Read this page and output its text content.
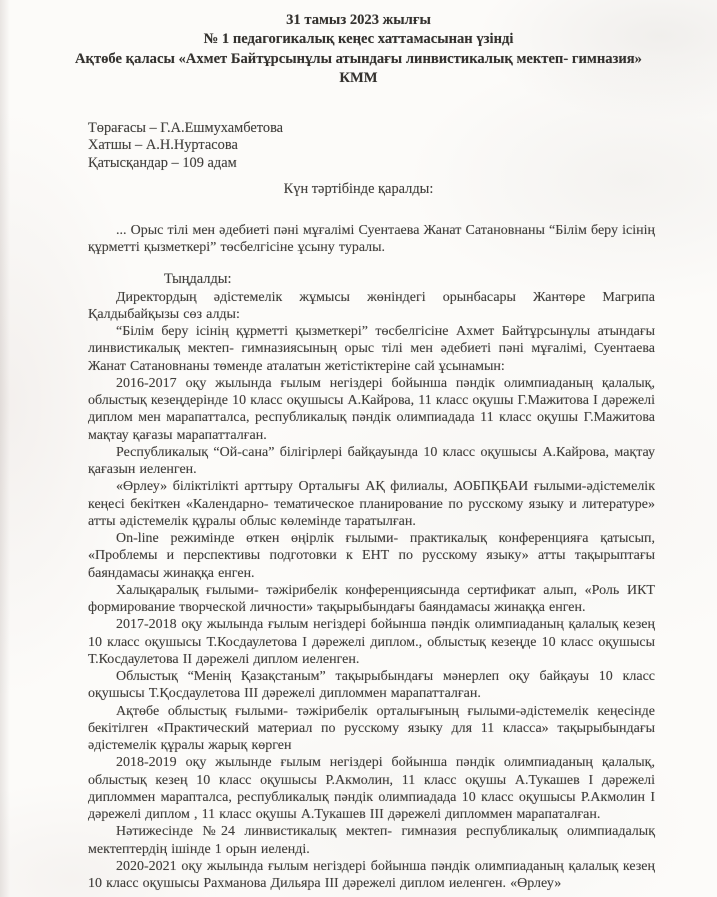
31 тамыз 2023 жылғы
№ 1 педагогикалық кеңес хаттамасынан үзінді
Ақтөбе қаласы «Ахмет Байтұрсынұлы атындағы линвистикалық мектеп- гимназия»
КММ
Төрағасы – Г.А.Ешмухамбетова
Хатшы – А.Н.Нуртасова
Қатысқандар – 109 адам
Күн тәртібінде қаралды:

... Орыс тілі мен әдебиеті пәні мұғалімі Суентаева Жанат Сатановнаны “Білім беру ісінің құрметті қызметкері” төсбелгісіне ұсыну туралы.

Тыңдалды:

Директордың әдістемелік жұмысы жөніндегі орынбасары Жантөре Магрипа Қалдыбайқызы сөз алды:

“Білім беру ісінің құрметті қызметкері” төсбелгісіне Ахмет Байтұрсынұлы атындағы линвистикалық мектеп- гимназиясының орыс тілі мен әдебиеті пәні мұғалімі, Суентаева Жанат Сатановнаны төменде аталатын жетістіктеріне сай ұсынамын:

2016-2017 оқу жылында ғылым негіздері бойынша пәндік олимпиаданың қалалық, облыстық кезеңдерінде 10 класс оқушысы А.Кайрова, 11 класс оқушы Г.Мажитова I дәрежелі диплом мен марапатталса, республикалық пәндік олимпиадада 11 класс оқушы Г.Мажитова мақтау қағазы марапатталған.

Республикалық “Ой-сана” білігірлері байқауында 10 класс оқушысы А.Кайрова, мақтау қағазын иеленген.

«Өрлеу» біліктілікті арттыру Орталығы АҚ филиалы, АОБПҚБАИ ғылыми-әдістемелік кеңесі бекіткен «Календарно- тематическое планирование по русскому языку и литературе» атты әдістемелік құралы облыс көлемінде таратылған.

On-line режимінде өткен өңірлік ғылыми- практикалық конференцияға қатысып, «Проблемы и перспективы подготовки к ЕНТ по русскому языку» атты тақырыптағы баяндамасы жинаққа енген.

Халықаралық ғылыми- тәжірибелік конференциясында сертификат алып, «Роль ИКТ формирование творческой личности» тақырыбындағы баяндамасы жинаққа енген.

2017-2018 оқу жылында ғылым негіздері бойынша пәндік олимпиаданың қалалық кезең 10 класс оқушысы Т.Косдаулетова I дәрежелі диплом., облыстық кезеңде 10 класс оқушысы Т.Косдаулетова II дәрежелі диплом иеленген.

Облыстық “Менің Қазақстаным” тақырыбындағы мәнерлеп оқу байқауы 10 класс оқушысы Т.Қосдаулетова III дәрежелі дипломмен марапатталған.

Ақтөбе облыстық ғылыми- тәжірибелік орталығының ғылыми-әдістемелік кеңесінде бекітілген «Практический материал по русскому языку для 11 класса» тақырыбындағы әдістемелік құралы жарық көрген

2018-2019 оқу жылынде ғылым негіздері бойынша пәндік олимпиаданың қалалық, облыстық кезең 10 класс оқушысы Р.Акмолин, 11 класс оқушы А.Тукашев I дәрежелі дипломмен марапталса, республикалық пәндік олимпиадада 10 класс оқушысы Р.Акмолин I дәрежелі диплом , 11 класс оқушы А.Тукашев III дәрежелі дипломмен марапаталған.

Нәтижесінде №24 линвистикалық мектеп- гимназия республикалық олимпиадалық мектептердің ішінде 1 орын иеленді.

2020-2021 оқу жылында ғылым негіздері бойынша пәндік олимпиаданың қалалық кезең 10 класс оқушысы Рахманова Дильяра III дәрежелі диплом иеленген. «Өрлеу»
